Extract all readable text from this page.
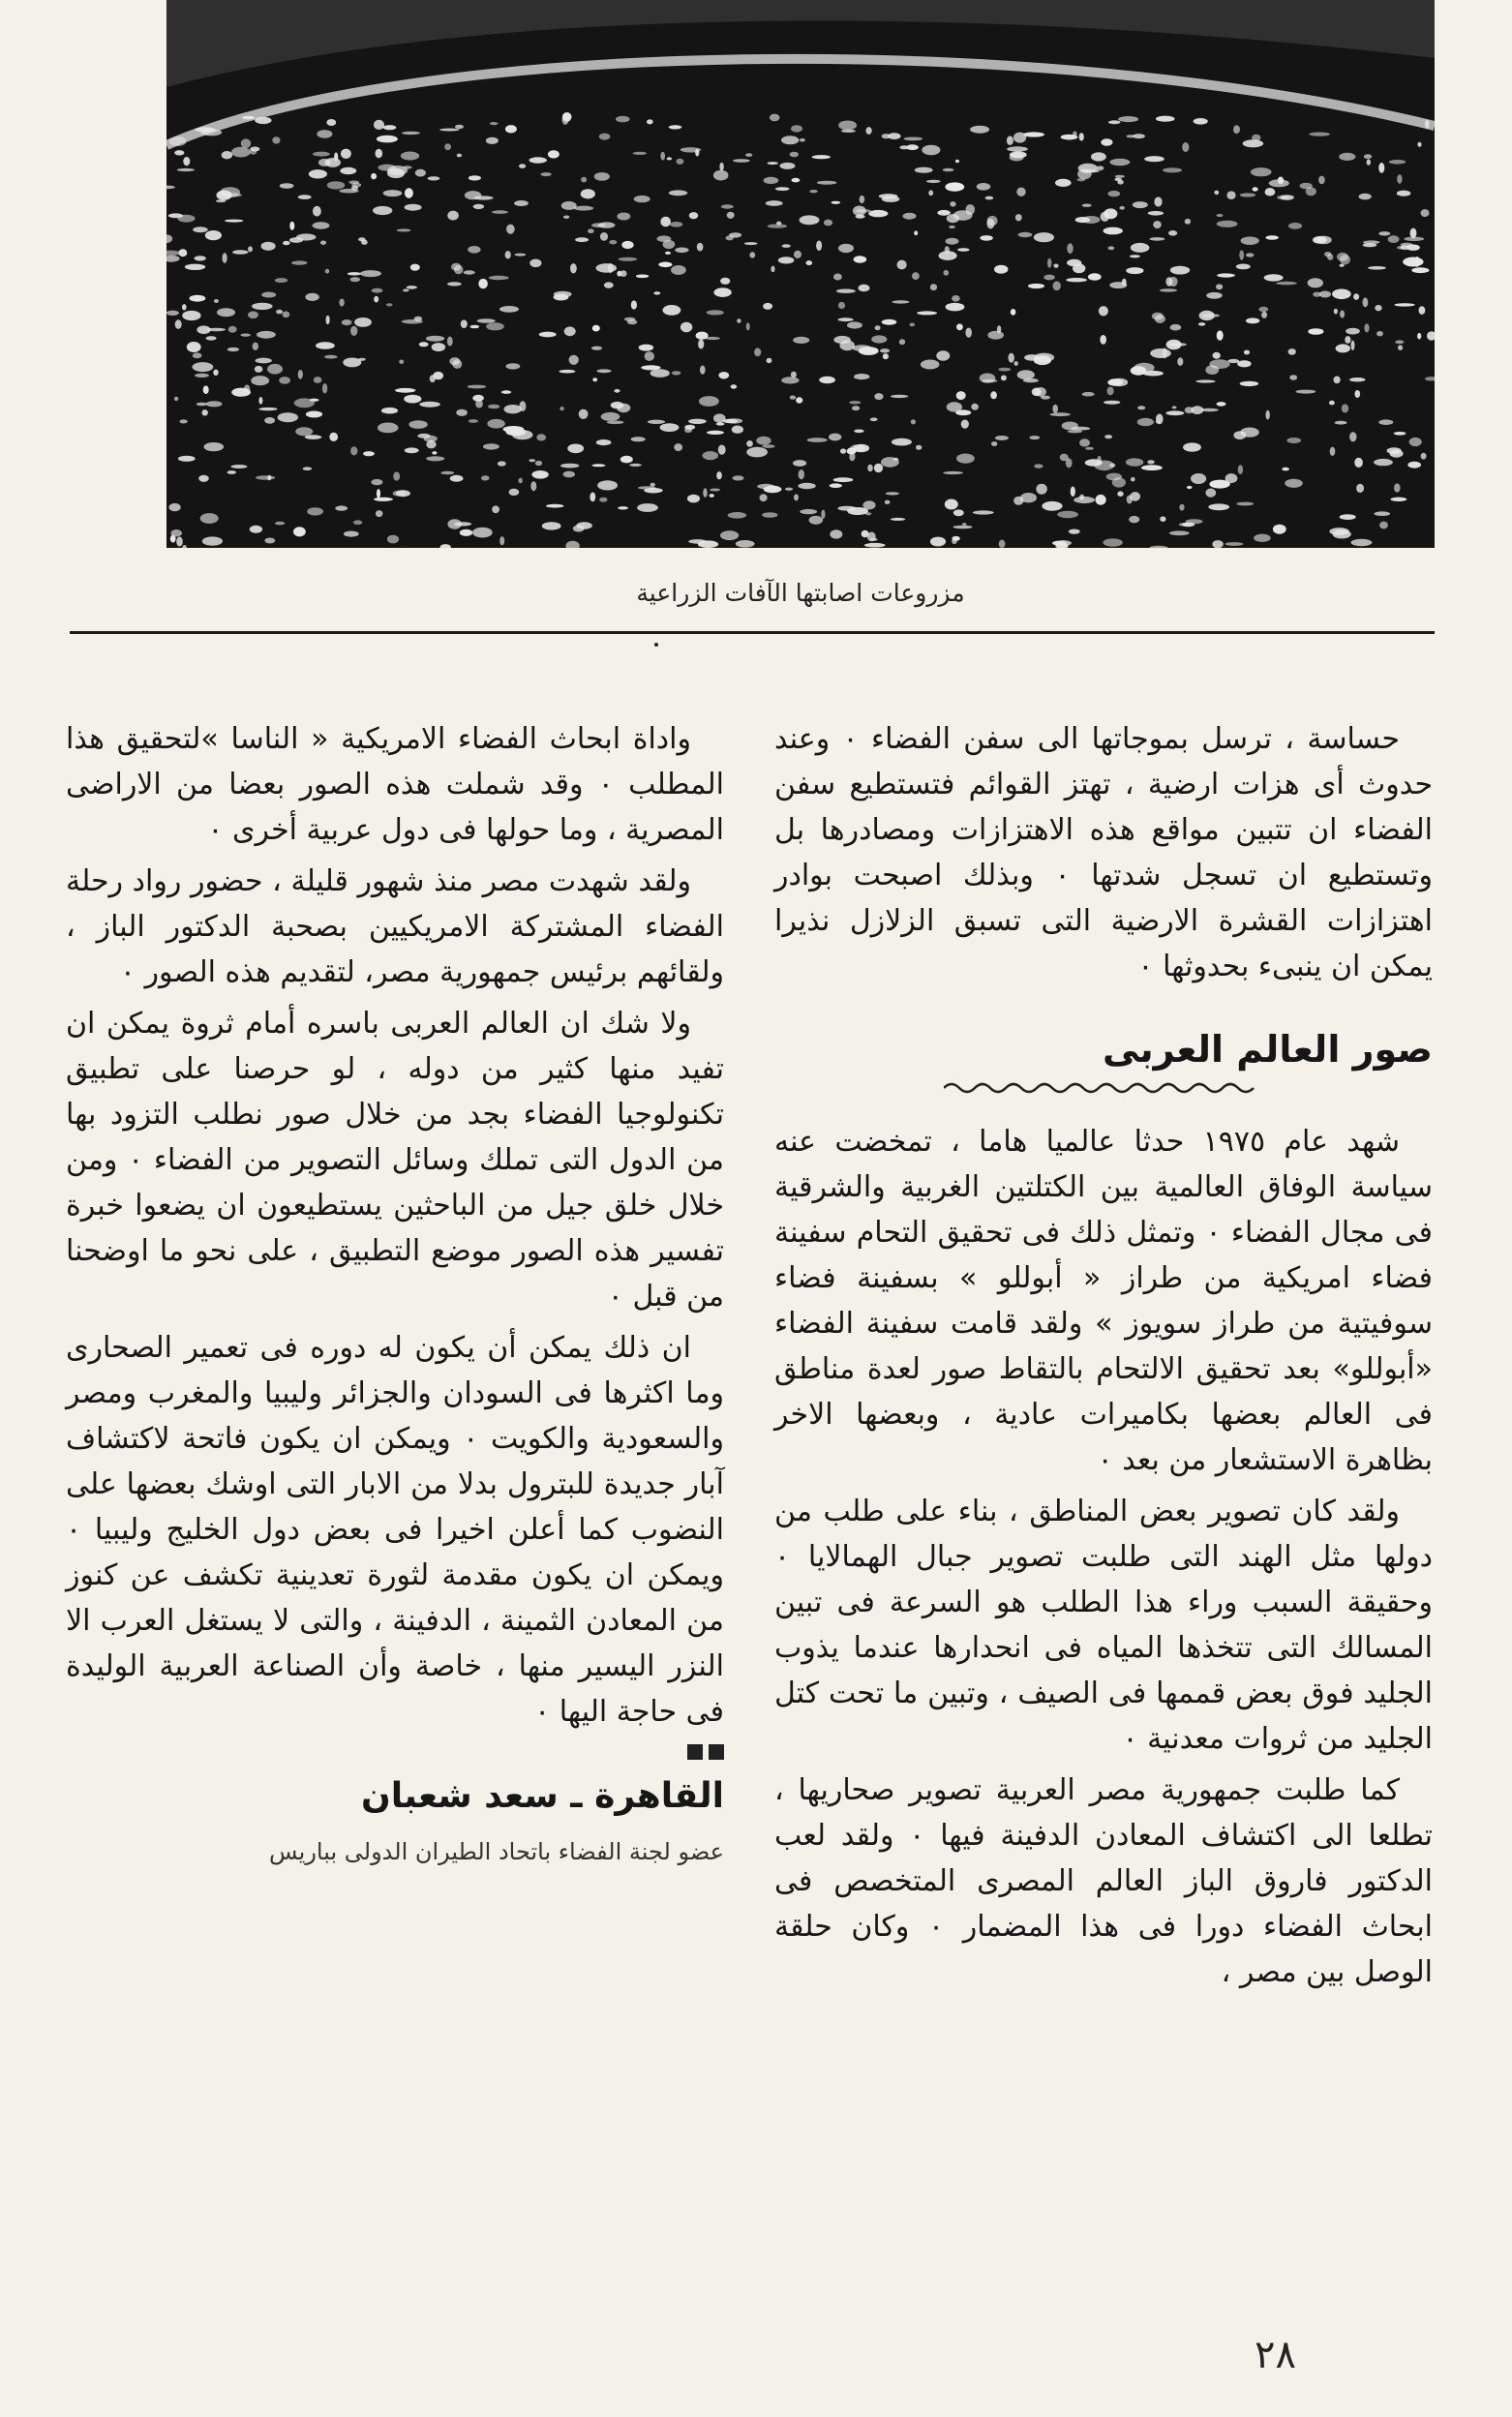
مزروعات اصابتها الآفات الزراعية

حساسة ، ترسل بموجاتها الى سفن الفضاء ٠ وعند حدوث أى هزات ارضية ، تهتز القوائم فتستطيع سفن الفضاء ان تتبين مواقع هذه الاهتزازات ومصادرها بل وتستطيع ان تسجل شدتها ٠ وبذلك اصبحت بوادر اهتزازات القشرة الارضية التى تسبق الزلازل نذيرا يمكن ان ينبىء بحدوثها ٠

صور العالم العربى

شهد عام ١٩٧٥ حدثا عالميا هاما ، تمخضت عنه سياسة الوفاق العالمية بين الكتلتين الغربية والشرقية فى مجال الفضاء ٠ وتمثل ذلك فى تحقيق التحام سفينة فضاء امريكية من طراز « أبوللو » بسفينة فضاء سوفيتية من طراز سويوز » ولقد قامت سفينة الفضاء «أبوللو» بعد تحقيق الالتحام بالتقاط صور لعدة مناطق فى العالم بعضها بكاميرات عادية ، وبعضها الاخر بظاهرة الاستشعار من بعد ٠

ولقد كان تصوير بعض المناطق ، بناء على طلب من دولها مثل الهند التى طلبت تصوير جبال الهمالايا ٠ وحقيقة السبب وراء هذا الطلب هو السرعة فى تبين المسالك التى تتخذها المياه فى انحدارها عندما يذوب الجليد فوق بعض قممها فى الصيف ، وتبين ما تحت كتل الجليد من ثروات معدنية ٠

كما طلبت جمهورية مصر العربية تصوير صحاريها ، تطلعا الى اكتشاف المعادن الدفينة فيها ٠ ولقد لعب الدكتور فاروق الباز العالم المصرى المتخصص فى ابحاث الفضاء دورا فى هذا المضمار ٠ وكان حلقة الوصل بين مصر ،

واداة ابحاث الفضاء الامريكية « الناسا »لتحقيق هذا المطلب ٠ وقد شملت هذه الصور بعضا من الاراضى المصرية ، وما حولها فى دول عربية أخرى ٠

ولقد شهدت مصر منذ شهور قليلة ، حضور رواد رحلة الفضاء المشتركة الامريكيين بصحبة الدكتور الباز ، ولقائهم برئيس جمهورية مصر، لتقديم هذه الصور ٠

ولا شك ان العالم العربى باسره أمام ثروة يمكن ان تفيد منها كثير من دوله ، لو حرصنا على تطبيق تكنولوجيا الفضاء بجد من خلال صور نطلب التزود بها من الدول التى تملك وسائل التصوير من الفضاء ٠ ومن خلال خلق جيل من الباحثين يستطيعون ان يضعوا خبرة تفسير هذه الصور موضع التطبيق ، على نحو ما اوضحنا من قبل ٠

ان ذلك يمكن أن يكون له دوره فى تعمير الصحارى وما اكثرها فى السودان والجزائر وليبيا والمغرب ومصر والسعودية والكويت ٠ ويمكن ان يكون فاتحة لاكتشاف آبار جديدة للبترول بدلا من الابار التى اوشك بعضها على النضوب كما أعلن اخيرا فى بعض دول الخليج وليبيا ٠ ويمكن ان يكون مقدمة لثورة تعدينية تكشف عن كنوز من المعادن الثمينة ، الدفينة ، والتى لا يستغل العرب الا النزر اليسير منها ، خاصة وأن الصناعة العربية الوليدة فى حاجة اليها ٠

القاهرة ـ سعد شعبان
عضو لجنة الفضاء باتحاد الطيران الدولى بباريس
٢٨
